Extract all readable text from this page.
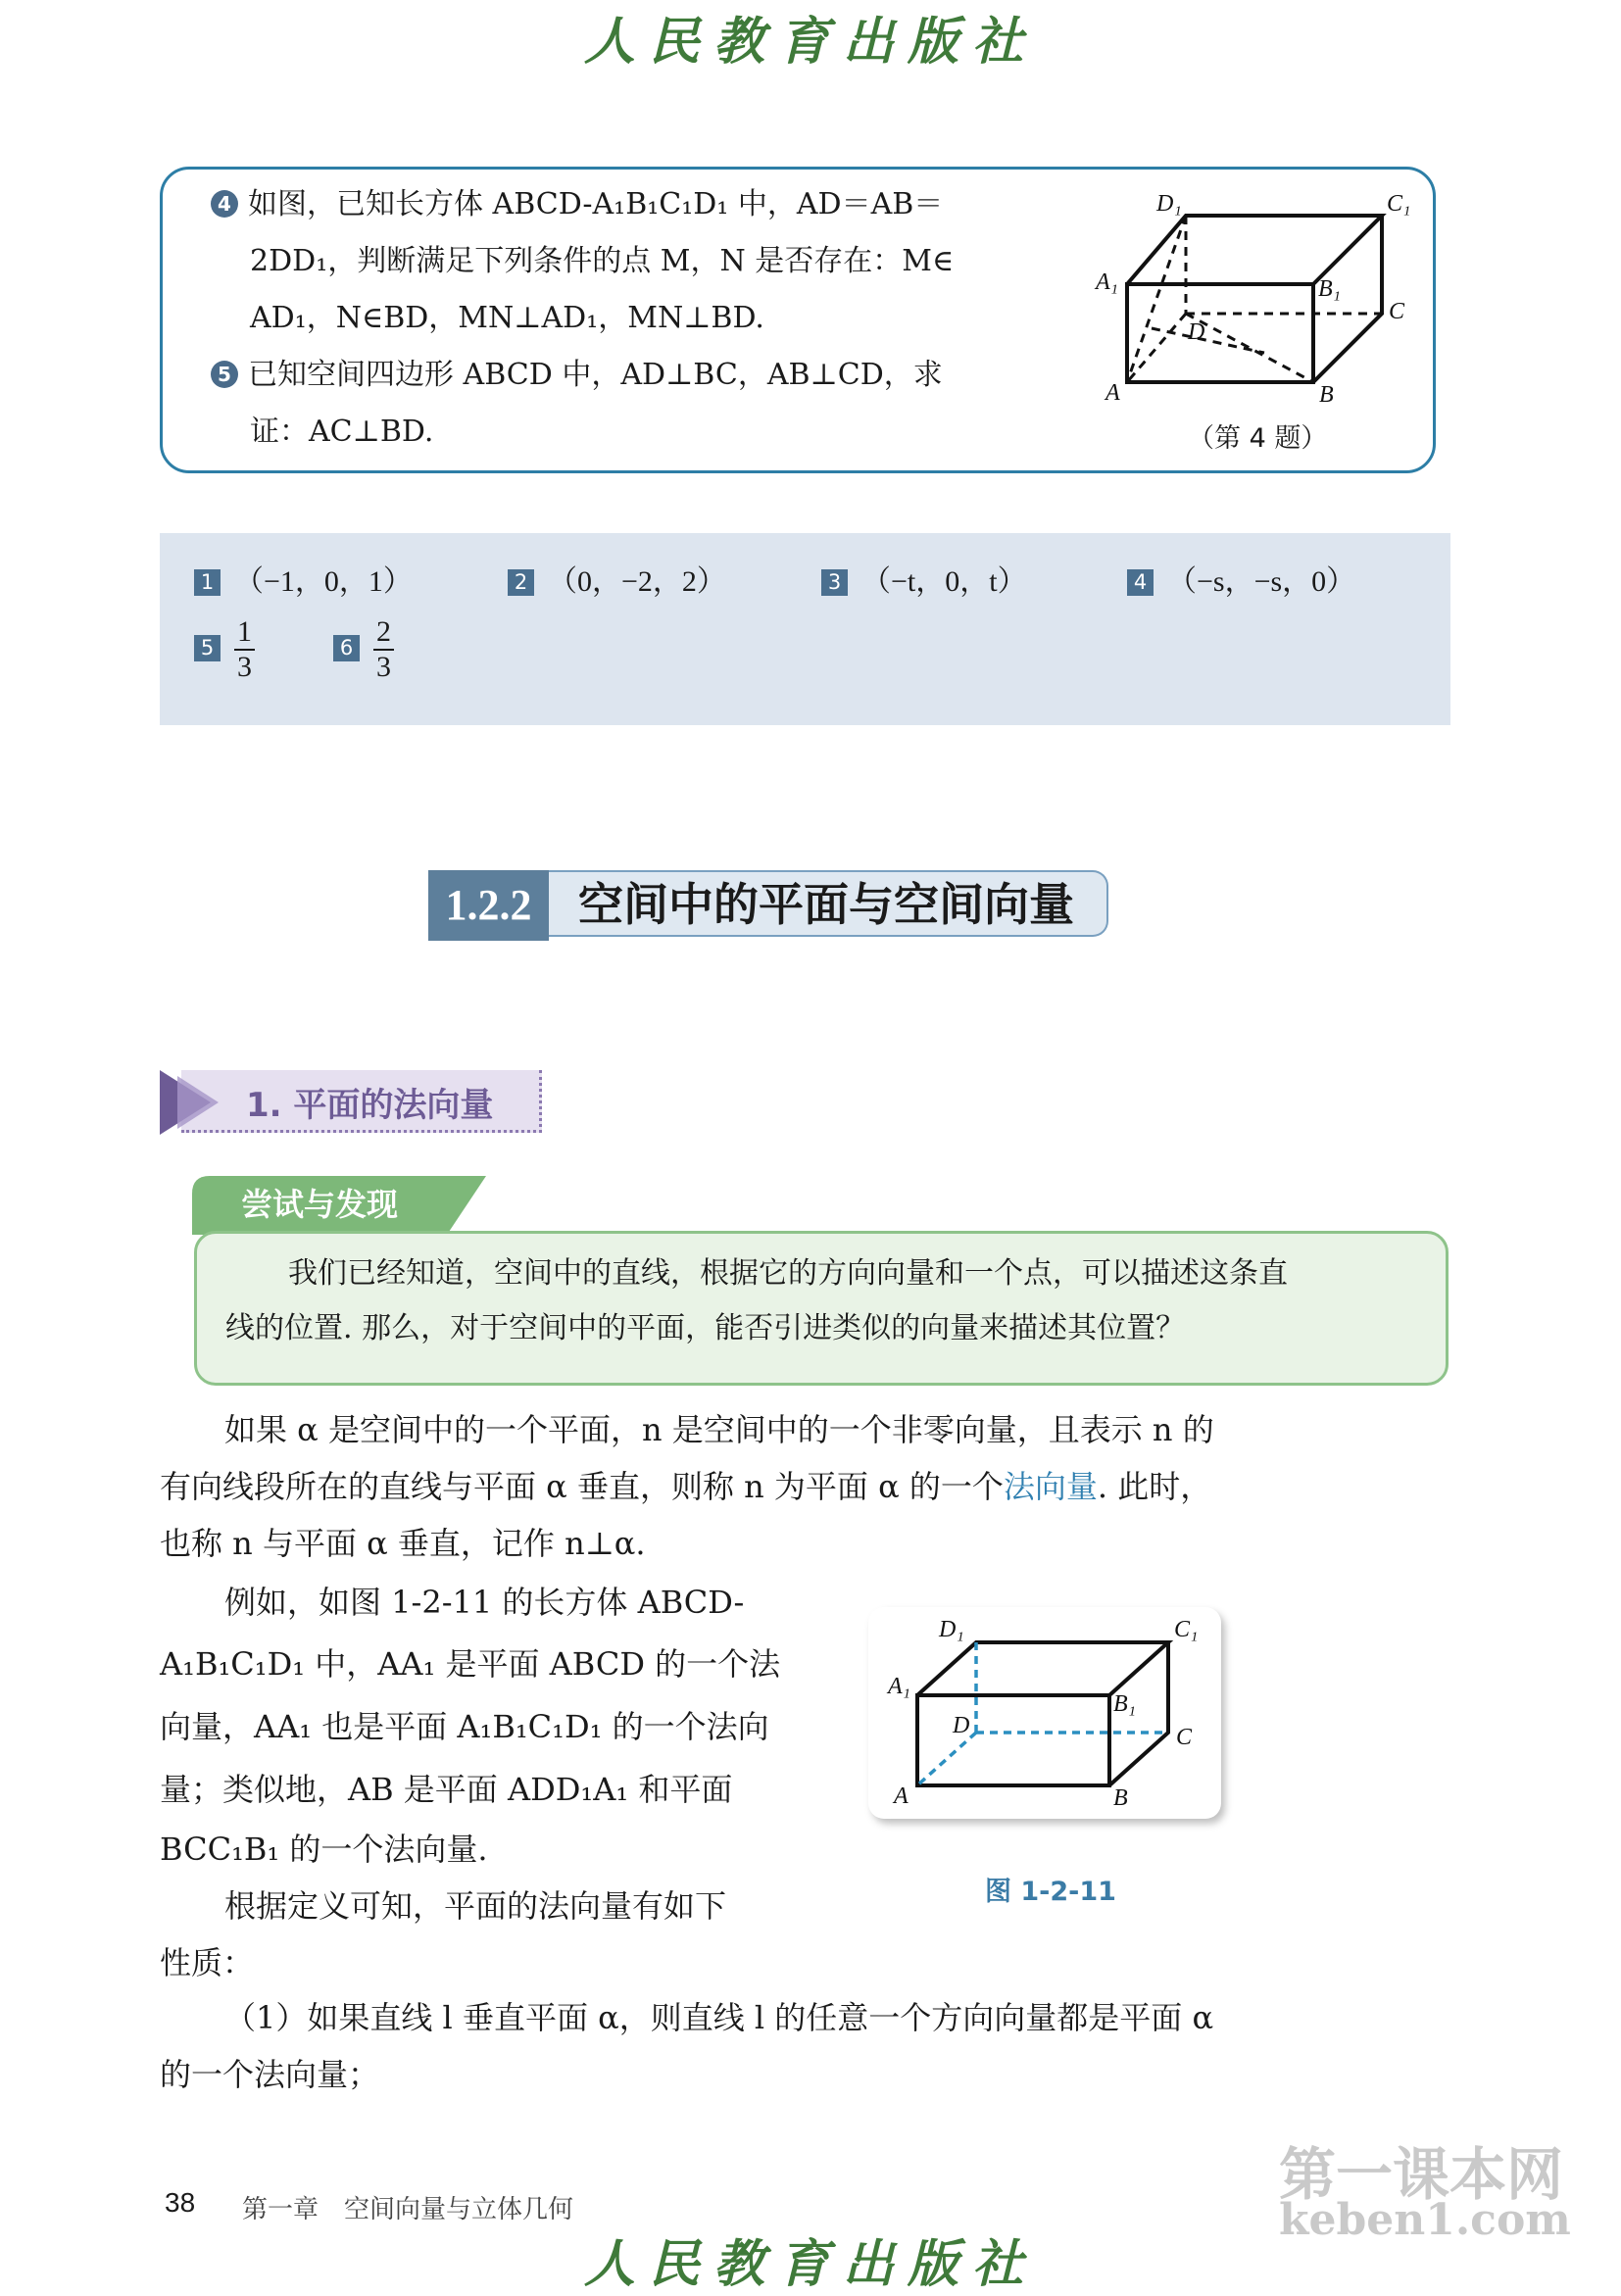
人民教育出版社
4 如图，已知长方体 ABCD-A₁B₁C₁D₁ 中，AD＝AB＝
2DD₁，判断满足下列条件的点 M，N 是否存在：M∈
AD₁，N∈BD，MN⊥AD₁，MN⊥BD.
5 已知空间四边形 ABCD 中，AD⊥BC，AB⊥CD，求
证：AC⊥BD.
D₁	C₁
A₁	B₁
C
D
A	B
（第 4 题）
1 （−1，0，1）	2 （0，−2，2）	3 （−t，0，t）	4 （−s，−s，0）
$5 \frac{1}{3}$	$6 \frac{2}{3}$
1.2.2	空间中的平面与空间向量
1. 平面的法向量
尝试与发现
我们已经知道，空间中的直线，根据它的方向向量和一个点，可以描述这条直
线的位置. 那么，对于空间中的平面，能否引进类似的向量来描述其位置？
如果 α 是空间中的一个平面，n 是空间中的一个非零向量，且表示 n 的
有向线段所在的直线与平面 α 垂直，则称 n 为平面 α 的一个法向量. 此时，
也称 n 与平面 α 垂直，记作 n⊥α.
例如，如图 1-2-11 的长方体 ABCD-
A₁B₁C₁D₁ 中，AA₁ 是平面 ABCD 的一个法
向量，AA₁ 也是平面 A₁B₁C₁D₁ 的一个法向
量；类似地，AB 是平面 ADD₁A₁ 和平面
BCC₁B₁ 的一个法向量.
根据定义可知，平面的法向量有如下
性质：
D₁	C₁
A₁
B₁
D	C
A	B
图 1-2-11
（1）如果直线 l 垂直平面 α，则直线 l 的任意一个方向向量都是平面 α
的一个法向量；
38 第一章　空间向量与立体几何
第一课本网
keben1.com
人民教育出版社
